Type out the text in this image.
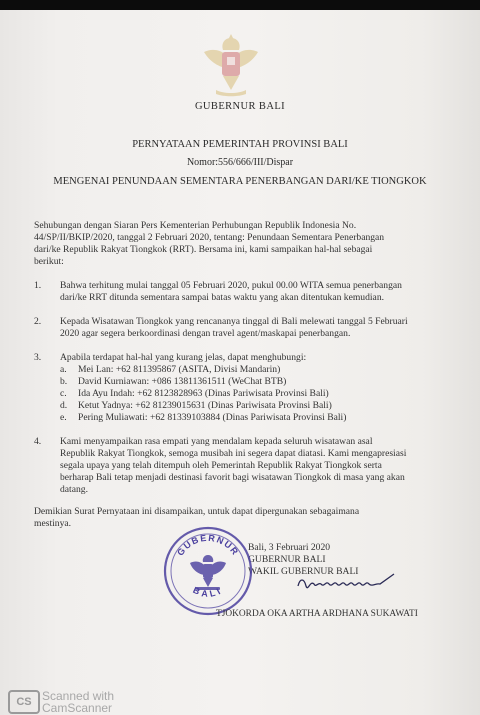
GUBERNUR BALI
PERNYATAAN PEMERINTAH PROVINSI BALI
Nomor:556/666/III/Dispar
MENGENAI PENUNDAAN SEMENTARA PENERBANGAN DARI/KE TIONGKOK
Sehubungan dengan Siaran Pers Kementerian Perhubungan Republik Indonesia No.
44/SP/II/BKIP/2020, tanggal 2 Februari 2020, tentang: Penundaan Sementara Penerbangan
dari/ke Republik Rakyat Tiongkok (RRT). Bersama ini, kami sampaikan hal-hal sebagai
berikut:
1. Bahwa terhitung mulai tanggal 05 Februari 2020, pukul 00.00 WITA semua penerbangan
dari/ke RRT ditunda sementara sampai batas waktu yang akan ditentukan kemudian.
2. Kepada Wisatawan Tiongkok yang rencananya tinggal di Bali melewati tanggal 5 Februari
2020 agar segera berkoordinasi dengan travel agent/maskapai penerbangan.
3. Apabila terdapat hal-hal yang kurang jelas, dapat menghubungi:
a. Mei Lan: +62 811395867 (ASITA, Divisi Mandarin)
b. David Kurniawan: +086 13811361511 (WeChat BTB)
c. Ida Ayu Indah: +62 8123828963 (Dinas Pariwisata Provinsi Bali)
d. Ketut Yadnya: +62 81239015631 (Dinas Pariwisata Provinsi Bali)
e. Pering Muliawati: +62 81339103884 (Dinas Pariwisata Provinsi Bali)
4. Kami menyampaikan rasa empati yang mendalam kepada seluruh wisatawan asal
Republik Rakyat Tiongkok, semoga musibah ini segera dapat diatasi. Kami mengapresiasi
segala upaya yang telah ditempuh oleh Pemerintah Republik Rakyat Tiongkok serta
berharap Bali tetap menjadi destinasi favorit bagi wisatawan Tiongkok di masa yang akan
datang.
Demikian Surat Pernyataan ini disampaikan, untuk dapat dipergunakan sebagaimana
mestinya.
Bali, 3 Februari 2020
GUBERNUR BALI
WAKIL GUBERNUR BALI
GUBERNUR
BALI
TJOKORDA OKA ARTHA ARDHANA SUKAWATI
CS Scanned with
CamScanner
